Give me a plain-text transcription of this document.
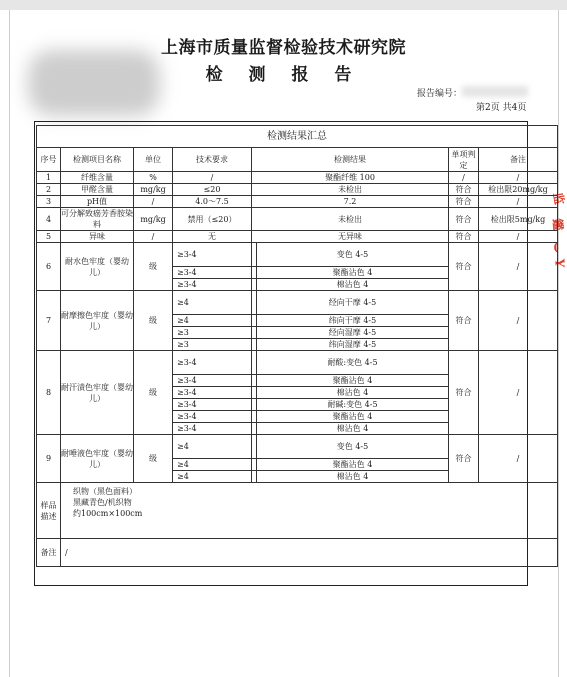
上海市质量监督检验技术研究院
检 测 报 告
报告编号：
第2页 共4页
监
鑑
(
Y
检测结果汇总							
序号	检测项目名称	单位	技术要求	检测结果		单项判定	备注
1	纤维含量	%	/	聚酯纤维 100		/	/
2	甲醛含量	mg/kg	≤20	未检出		符合	检出限20mg/kg
3	pH值	/	4.0～7.5	7.2		符合	/
4	可分解致癌芳香胺染料	mg/kg	禁用（≤20）	未检出		符合	检出限5mg/kg
5	异味	/	无	无异味		符合	/
6	耐水色牢度（婴幼儿）	级	≥3-4		变色 4-5	符合	/
			≥3-4		聚酯沾色 4		
			≥3-4		棉沾色 4		
7	耐摩擦色牢度（婴幼儿）	级	≥4		经向干摩 4-5	符合	/
			≥4		纬向干摩 4-5		
			≥3		经向湿摩 4-5		
			≥3		纬向湿摩 4-5		
8	耐汗渍色牢度（婴幼儿）	级	≥3-4		耐酸:变色 4-5	符合	/
			≥3-4		聚酯沾色 4		
			≥3-4		棉沾色 4		
			≥3-4		耐碱:变色 4-5		
			≥3-4		聚酯沾色 4		
			≥3-4		棉沾色 4		
9	耐唾液色牢度（婴幼儿）	级	≥4		变色 4-5	符合	/
			≥4		聚酯沾色 4		
			≥4		棉沾色 4		
样品描述	织物（黑色面料）
黑藏青色/机织物
约100cm×100cm						

备注	/						
